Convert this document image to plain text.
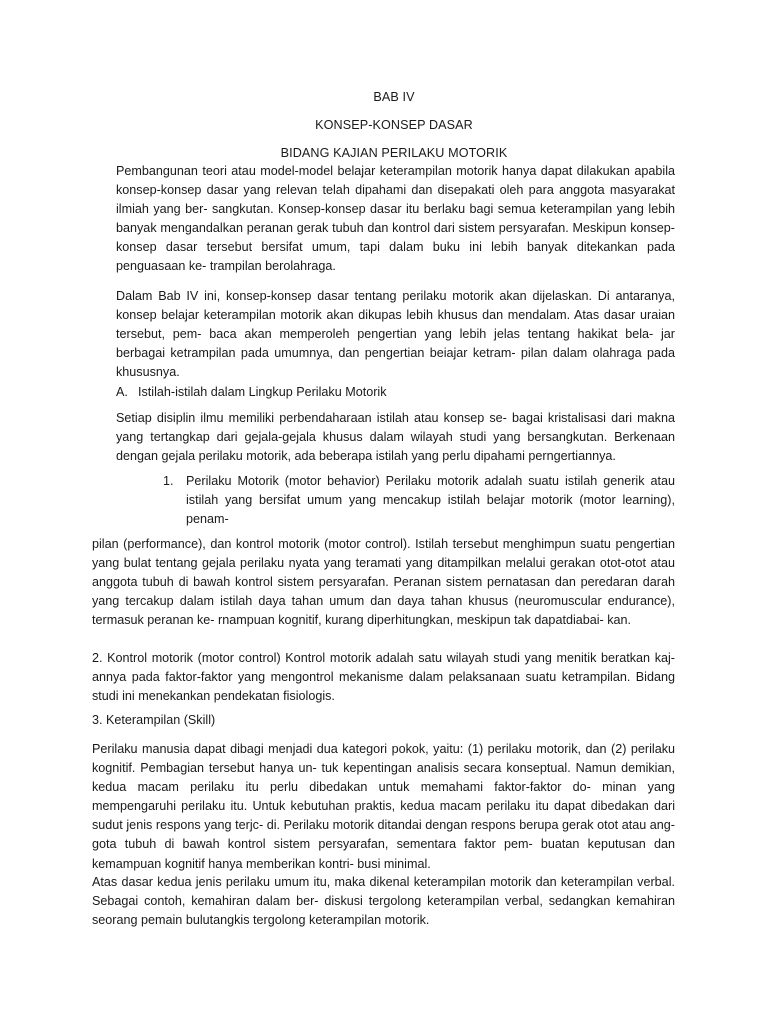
BAB IV
KONSEP-KONSEP DASAR
BIDANG KAJIAN PERILAKU MOTORIK

Pembangunan teori atau model-model belajar keterampilan motorik hanya dapat dilakukan apabila konsep-konsep dasar yang relevan telah dipahami dan disepakati oleh para anggota masyarakat ilmiah yang ber- sangkutan. Konsep-konsep dasar itu berlaku bagi semua keterampilan yang lebih banyak mengandalkan peranan gerak tubuh dan kontrol dari sistem persyarafan. Meskipun konsep-konsep dasar tersebut bersifat umum, tapi dalam buku ini lebih banyak ditekankan pada penguasaan ke- trampilan berolahraga.

Dalam Bab IV ini, konsep-konsep dasar tentang perilaku motorik akan dijelaskan. Di antaranya, konsep belajar keterampilan motorik akan dikupas lebih khusus dan mendalam. Atas dasar uraian tersebut, pem- baca akan memperoleh pengertian yang lebih jelas tentang hakikat bela- jar berbagai ketrampilan pada umumnya, dan pengertian beiajar ketram- pilan dalam olahraga pada khususnya.

A. Istilah-istilah dalam Lingkup Perilaku Motorik

Setiap disiplin ilmu memiliki perbendaharaan istilah atau konsep se- bagai kristalisasi dari makna yang tertangkap dari gejala-gejala khusus dalam wilayah studi yang bersangkutan. Berkenaan dengan gejala perilaku motorik, ada beberapa istilah yang perlu dipahami perngertiannya.

1. Perilaku Motorik (motor behavior) Perilaku motorik adalah suatu istilah generik atau istilah yang bersifat umum yang mencakup istilah belajar motorik (motor learning), penam-

pilan (performance), dan kontrol motorik (motor control). Istilah tersebut menghimpun suatu pengertian yang bulat tentang gejala perilaku nyata yang teramati yang ditampilkan melalui gerakan otot-otot atau anggota tubuh di bawah kontrol sistem persyarafan. Peranan sistem pernatasan dan peredaran darah yang tercakup dalam istilah daya tahan umum dan daya tahan khusus (neuromuscular endurance), termasuk peranan ke- rnampuan kognitif, kurang diperhitungkan, meskipun tak dapatdiabai- kan.

2. Kontrol motorik (motor control) Kontrol motorik adalah satu wilayah studi yang menitik beratkan kaj- annya pada faktor-faktor yang mengontrol mekanisme dalam pelaksanaan suatu ketrampilan. Bidang studi ini menekankan pendekatan fisiologis.

3. Keterampilan (Skill)

Perilaku manusia dapat dibagi menjadi dua kategori pokok, yaitu: (1) perilaku motorik, dan (2) perilaku kognitif. Pembagian tersebut hanya un- tuk kepentingan analisis secara konseptual. Namun demikian, kedua macam perilaku itu perlu dibedakan untuk memahami faktor-faktor do- minan yang mempengaruhi perilaku itu. Untuk kebutuhan praktis, kedua macam perilaku itu dapat dibedakan dari sudut jenis respons yang terjc- di. Perilaku motorik ditandai dengan respons berupa gerak otot atau ang- gota tubuh di bawah kontrol sistem persyarafan, sementara faktor pem- buatan keputusan dan kemampuan kognitif hanya memberikan kontri- busi minimal.

Atas dasar kedua jenis perilaku umum itu, maka dikenal keterampilan motorik dan keterampilan verbal. Sebagai contoh, kemahiran dalam ber- diskusi tergolong keterampilan verbal, sedangkan kemahiran seorang pemain bulutangkis tergolong keterampilan motorik.
